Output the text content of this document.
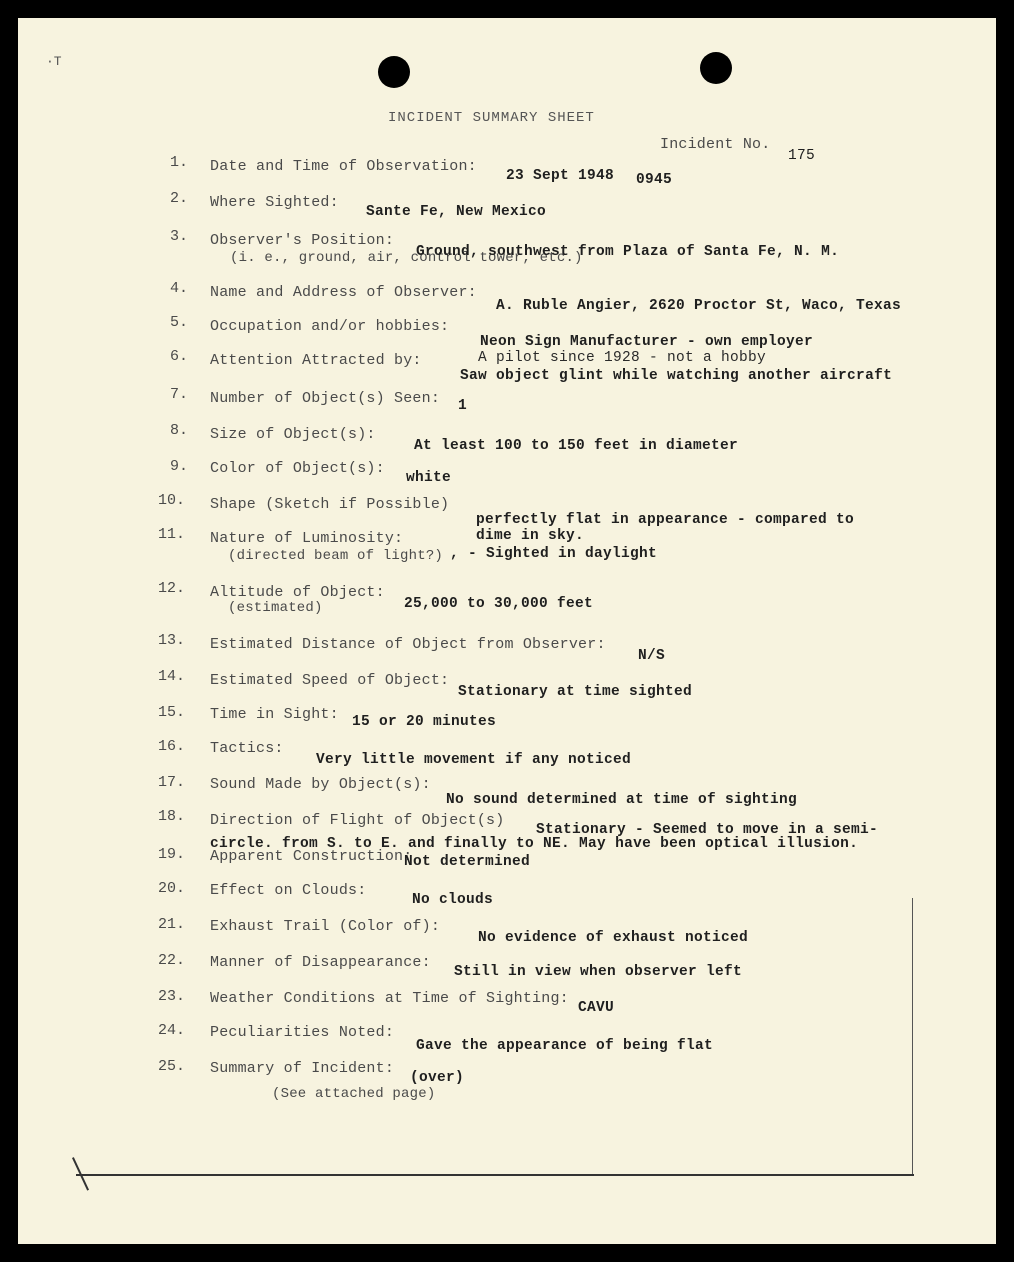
·T
INCIDENT SUMMARY SHEET
Incident No.
175
1. Date and Time of Observation:
23 Sept 1948 0945
2. Where Sighted:
Sante Fe, New Mexico
3. Observer's Position:
(i. e., ground, air, control tower, etc.)
Ground, southwest from Plaza of Santa Fe, N. M.
4. Name and Address of Observer:
A. Ruble Angier, 2620 Proctor St, Waco, Texas
5. Occupation and/or hobbies:
Neon Sign Manufacturer - own employer
A pilot since 1928 - not a hobby
6. Attention Attracted by:
Saw object glint while watching another aircraft
7. Number of Object(s) Seen: 1
8. Size of Object(s):
At least 100 to 150 feet in diameter
9. Color of Object(s):
white
10. Shape (Sketch if Possible)
perfectly flat in appearance - compared to
dime in sky.
11. Nature of Luminosity:
(directed beam of light?) , - Sighted in daylight
12. Altitude of Object:
(estimated)	25,000 to 30,000 feet
13. Estimated Distance of Object from Observer:
N/S
14. Estimated Speed of Object:
Stationary at time sighted
15. Time in Sight: 15 or 20 minutes
16. Tactics:
Very little movement if any noticed
17. Sound Made by Object(s):
No sound determined at time of sighting
18. Direction of Flight of Object(s)
Stationary - Seemed to move in a semi-
circle. from S. to E. and finally to NE. May have been optical illusion.
19. Apparent Construction:
Not determined
20. Effect on Clouds:
No clouds
21. Exhaust Trail (Color of):
No evidence of exhaust noticed
22. Manner of Disappearance:
Still in view when observer left
23. Weather Conditions at Time of Sighting:
CAVU
24. Peculiarities Noted:
Gave the appearance of being flat
25. Summary of Incident:
(See attached page)
(over)
